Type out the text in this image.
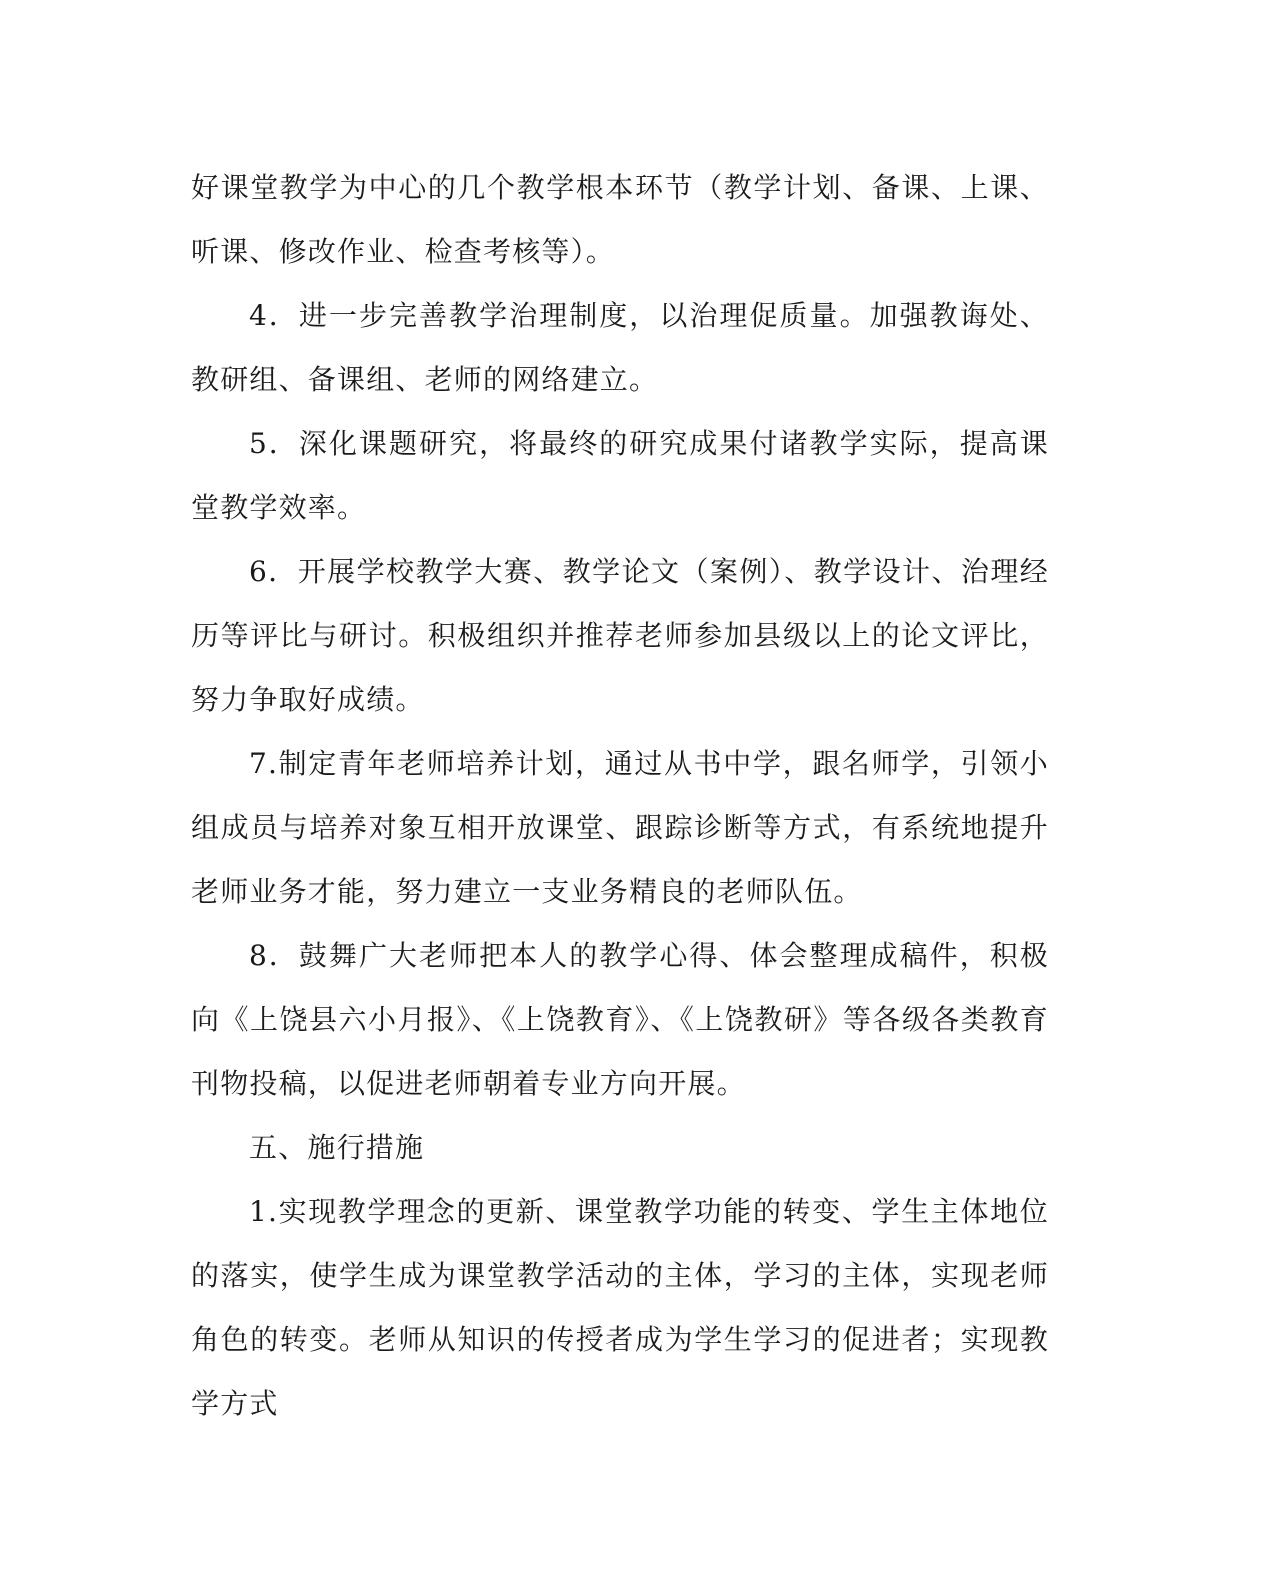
好课堂教学为中心的几个教学根本环节（教学计划、备课、上课、听课、修改作业、检查考核等）。

4．进一步完善教学治理制度，以治理促质量。加强教诲处、教研组、备课组、老师的网络建立。

5．深化课题研究，将最终的研究成果付诸教学实际，提高课堂教学效率。

6．开展学校教学大赛、教学论文（案例）、教学设计、治理经历等评比与研讨。积极组织并推荐老师参加县级以上的论文评比，努力争取好成绩。

7.制定青年老师培养计划，通过从书中学，跟名师学，引领小组成员与培养对象互相开放课堂、跟踪诊断等方式，有系统地提升老师业务才能，努力建立一支业务精良的老师队伍。

8．鼓舞广大老师把本人的教学心得、体会整理成稿件，积极向《上饶县六小月报》、《上饶教育》、《上饶教研》等各级各类教育刊物投稿，以促进老师朝着专业方向开展。

五、施行措施

1.实现教学理念的更新、课堂教学功能的转变、学生主体地位的落实，使学生成为课堂教学活动的主体，学习的主体，实现老师角色的转变。老师从知识的传授者成为学生学习的促进者；实现教学方式
